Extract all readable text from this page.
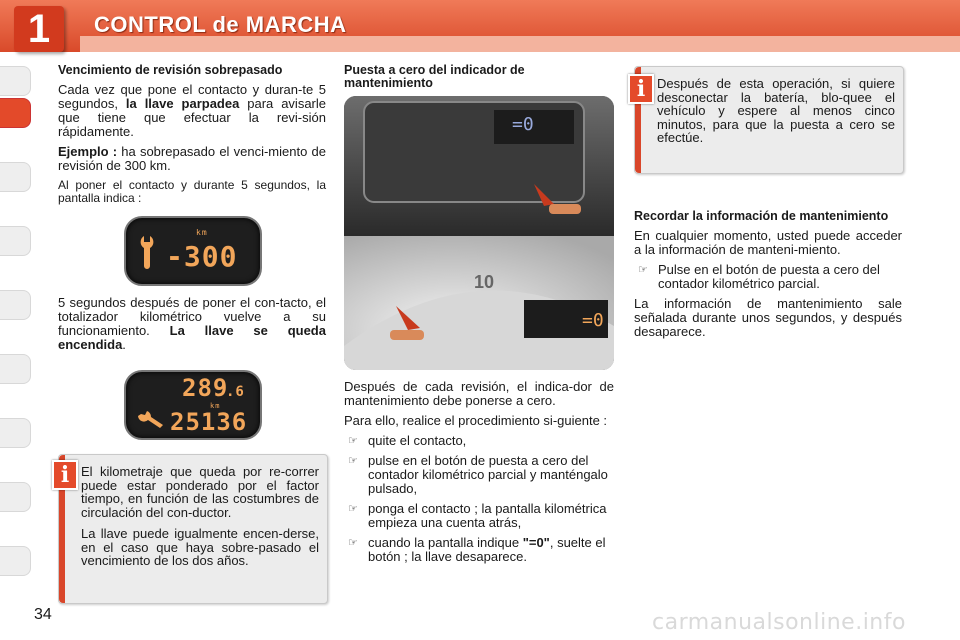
1	CONTROL de MARCHA
Vencimiento de revisión sobrepasado

Cada vez que pone el contacto y duran-te 5 segundos, la llave parpadea para avisarle que tiene que efectuar la revi-sión rápidamente.

Ejemplo : ha sobrepasado el venci-miento de revisión de 300 km.

Al poner el contacto y durante 5 segundos, la pantalla indica :

km
-300

5 segundos después de poner el con-tacto, el totalizador kilométrico vuelve a su funcionamiento. La llave se queda encendida.

289
.6
km
25136

El kilometraje que queda por re-correr puede estar ponderado por el factor tiempo, en función de las costumbres de circulación del con-ductor.

La llave puede igualmente encen-derse, en el caso que haya sobre-pasado el vencimiento de los dos años.

i
Puesta a cero del indicador de mantenimiento
=0
=0
10

Después de cada revisión, el indica-dor de mantenimiento debe ponerse a cero.

Para ello, realice el procedimiento si-guiente :

☞ quite el contacto,
☞ pulse en el botón de puesta a cero del contador kilométrico parcial y manténgalo pulsado,
☞ ponga el contacto ; la pantalla kilométrica empieza una cuenta atrás,
☞ cuando la pantalla indique "=0", suelte el botón ; la llave desaparece.

Después de esta operación, si quiere desconectar la batería, blo-quee el vehículo y espere al menos cinco minutos, para que la puesta a cero se efectúe.

i
Recordar la información de mantenimiento

En cualquier momento, usted puede acceder a la información de manteni-miento.

☞ Pulse en el botón de puesta a cero del contador kilométrico parcial.

La información de mantenimiento sale señalada durante unos segundos, y después desaparece.

34	carmanualsonline.info
